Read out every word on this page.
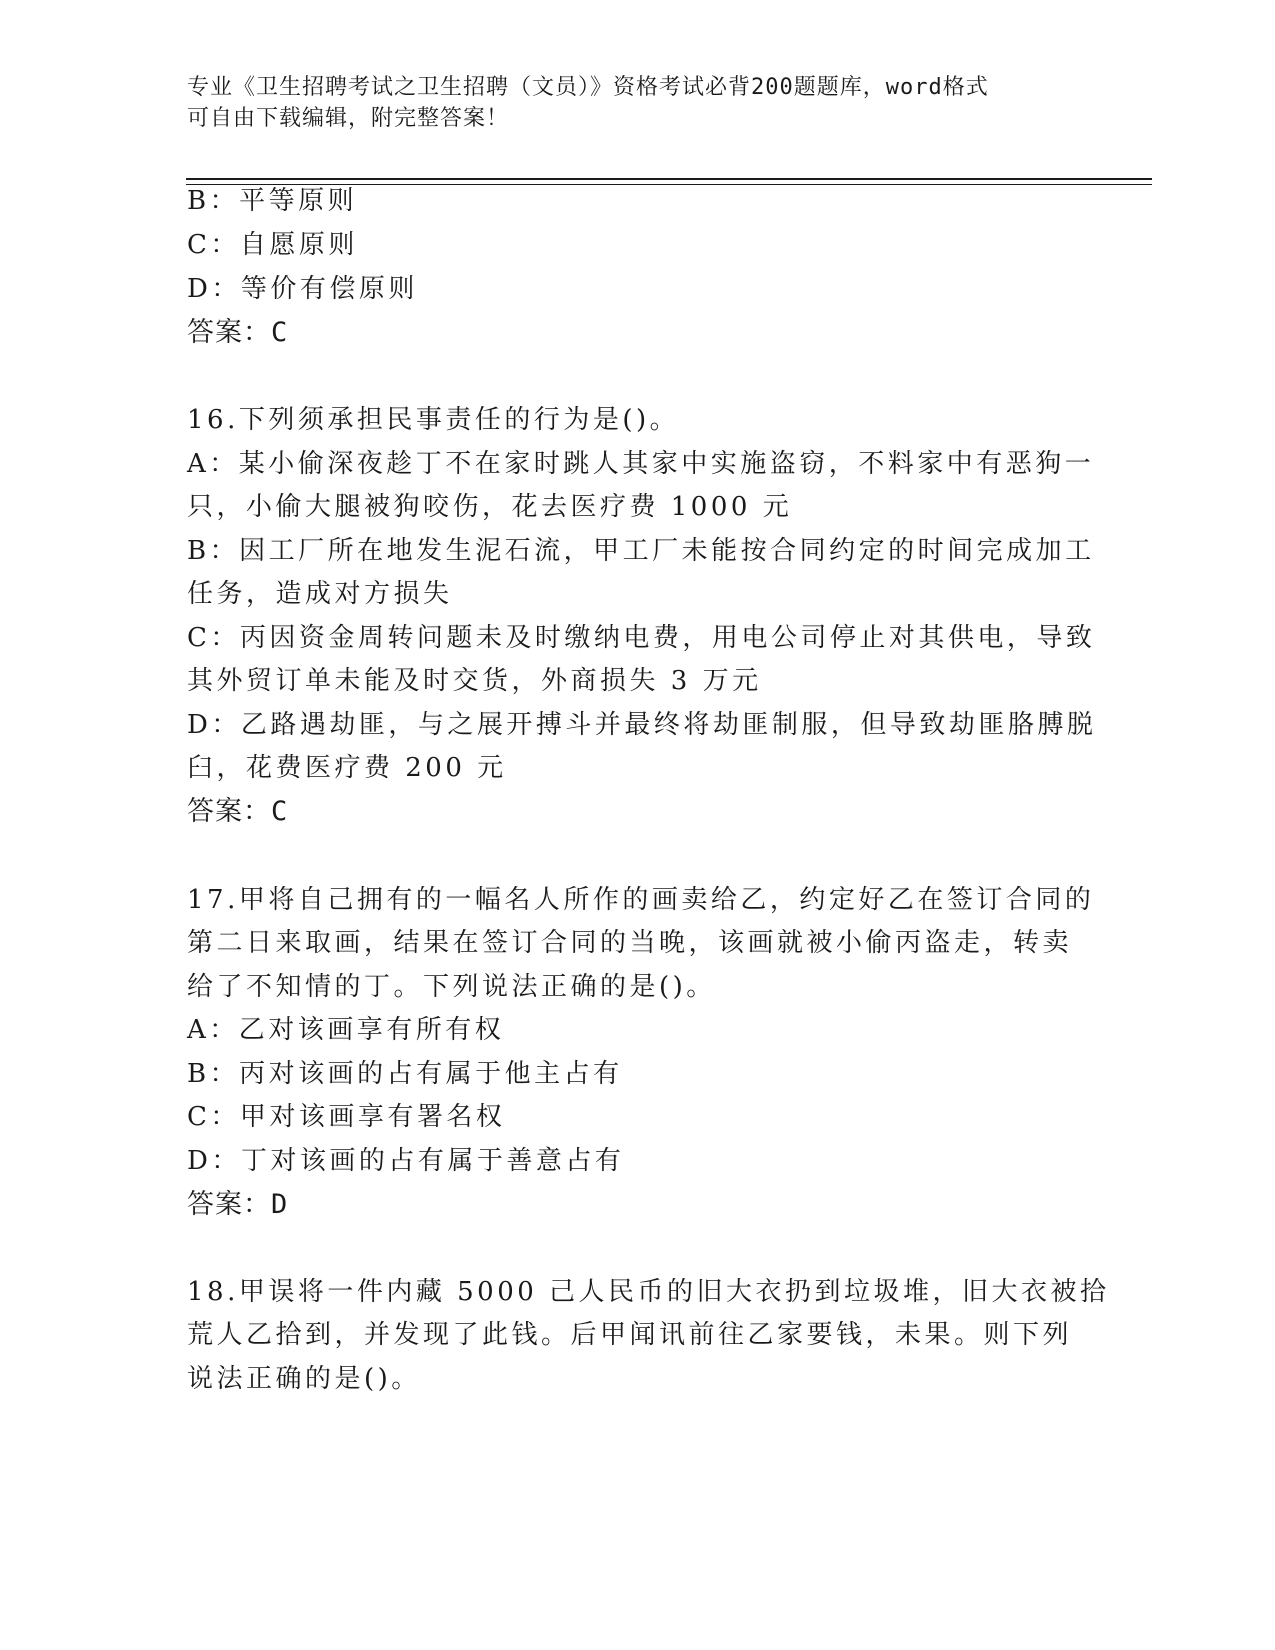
专业《卫生招聘考试之卫生招聘（文员）》资格考试必背200题题库，word格式
可自由下载编辑，附完整答案！
B：平等原则
C：自愿原则
D：等价有偿原则
答案：C
16.下列须承担民事责任的行为是()。
A：某小偷深夜趁丁不在家时跳人其家中实施盗窃，不料家中有恶狗一
只，小偷大腿被狗咬伤，花去医疗费 1000 元
B：因工厂所在地发生泥石流，甲工厂未能按合同约定的时间完成加工
任务，造成对方损失
C：丙因资金周转问题未及时缴纳电费，用电公司停止对其供电，导致
其外贸订单未能及时交货，外商损失 3 万元
D：乙路遇劫匪，与之展开搏斗并最终将劫匪制服，但导致劫匪胳膊脱
臼，花费医疗费 200 元
答案：C
17.甲将自己拥有的一幅名人所作的画卖给乙，约定好乙在签订合同的
第二日来取画，结果在签订合同的当晚，该画就被小偷丙盗走，转卖
给了不知情的丁。下列说法正确的是()。
A：乙对该画享有所有权
B：丙对该画的占有属于他主占有
C：甲对该画享有署名权
D：丁对该画的占有属于善意占有
答案：D
18.甲误将一件内藏 5000 己人民币的旧大衣扔到垃圾堆，旧大衣被拾
荒人乙拾到，并发现了此钱。后甲闻讯前往乙家要钱，未果。则下列
说法正确的是()。
